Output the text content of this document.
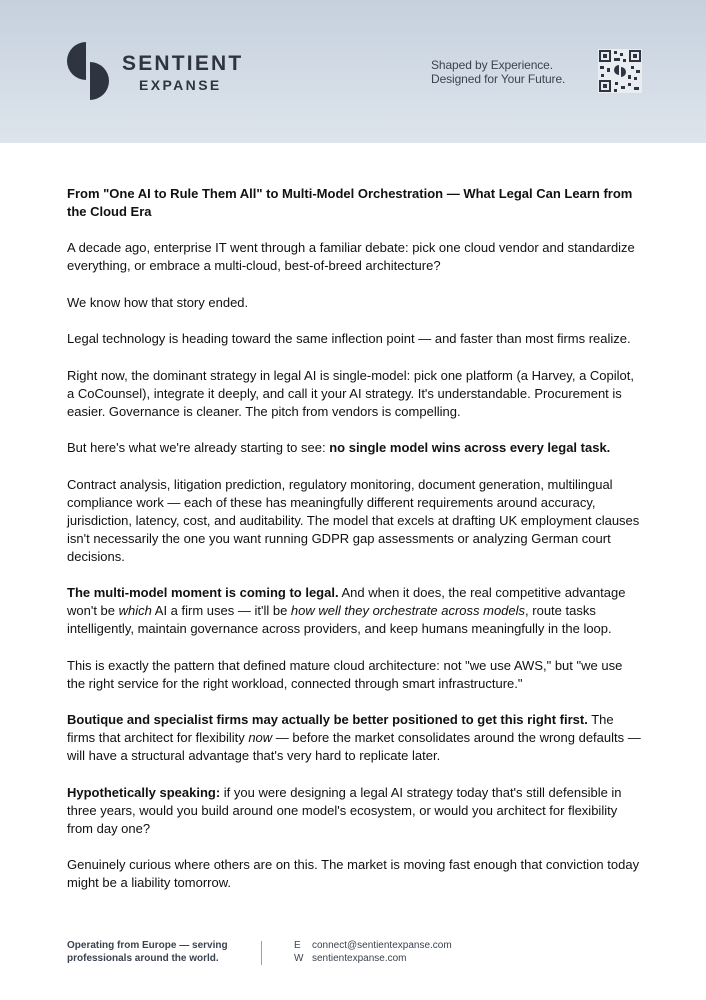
SENTIENT
EXPANSE
Shaped by Experience.
Designed for Your Future.

From "One AI to Rule Them All" to Multi-Model Orchestration — What Legal Can Learn from the Cloud Era

A decade ago, enterprise IT went through a familiar debate: pick one cloud vendor and standardize everything, or embrace a multi-cloud, best-of-breed architecture?

We know how that story ended.

Legal technology is heading toward the same inflection point — and faster than most firms realize.

Right now, the dominant strategy in legal AI is single-model: pick one platform (a Harvey, a Copilot, a CoCounsel), integrate it deeply, and call it your AI strategy. It's understandable. Procurement is easier. Governance is cleaner. The pitch from vendors is compelling.

But here's what we're already starting to see: no single model wins across every legal task.

Contract analysis, litigation prediction, regulatory monitoring, document generation, multilingual compliance work — each of these has meaningfully different requirements around accuracy, jurisdiction, latency, cost, and auditability. The model that excels at drafting UK employment clauses isn't necessarily the one you want running GDPR gap assessments or analyzing German court decisions.

The multi-model moment is coming to legal. And when it does, the real competitive advantage won't be which AI a firm uses — it'll be how well they orchestrate across models, route tasks intelligently, maintain governance across providers, and keep humans meaningfully in the loop.

This is exactly the pattern that defined mature cloud architecture: not "we use AWS," but "we use the right service for the right workload, connected through smart infrastructure."

Boutique and specialist firms may actually be better positioned to get this right first. The firms that architect for flexibility now — before the market consolidates around the wrong defaults — will have a structural advantage that's very hard to replicate later.

Hypothetically speaking: if you were designing a legal AI strategy today that's still defensible in three years, would you build around one model's ecosystem, or would you architect for flexibility from day one?

Genuinely curious where others are on this. The market is moving fast enough that conviction today might be a liability tomorrow.

Operating from Europe — serving
professionals around the world.
E connect@sentientexpanse.com
W sentientexpanse.com
